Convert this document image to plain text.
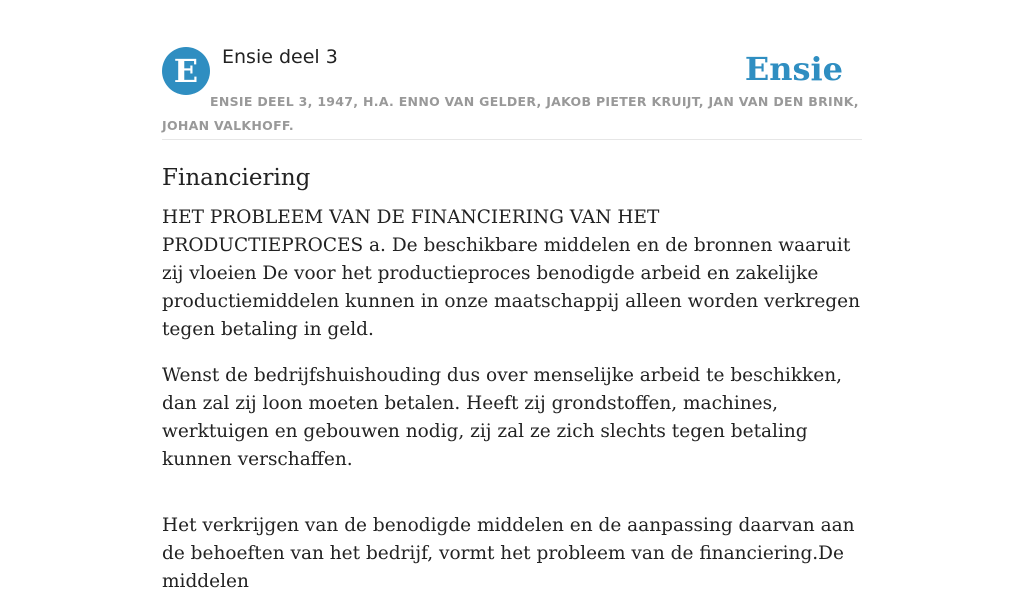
E	Ensie deel 3	Ensie
ENSIE DEEL 3, 1947, H.A. ENNO VAN GELDER, JAKOB PIETER KRUIJT, JAN VAN DEN BRINK, JOHAN VALKHOFF.
Financiering

HET PROBLEEM VAN DE FINANCIERING VAN HET PRODUCTIEPROCES a. De beschikbare middelen en de bronnen waaruit zij vloeien De voor het productieproces benodigde arbeid en zakelijke productiemiddelen kunnen in onze maatschappij alleen worden verkregen tegen betaling in geld.

Wenst de bedrijfshuishouding dus over menselijke arbeid te beschikken, dan zal zij loon moeten betalen. Heeft zij grondstoffen, machines, werktuigen en gebouwen nodig, zij zal ze zich slechts tegen betaling kunnen verschaffen.

Het verkrijgen van de benodigde middelen en de aanpassing daarvan aan de behoeften van het bedrijf, vormt het probleem van de financiering.De middelen
